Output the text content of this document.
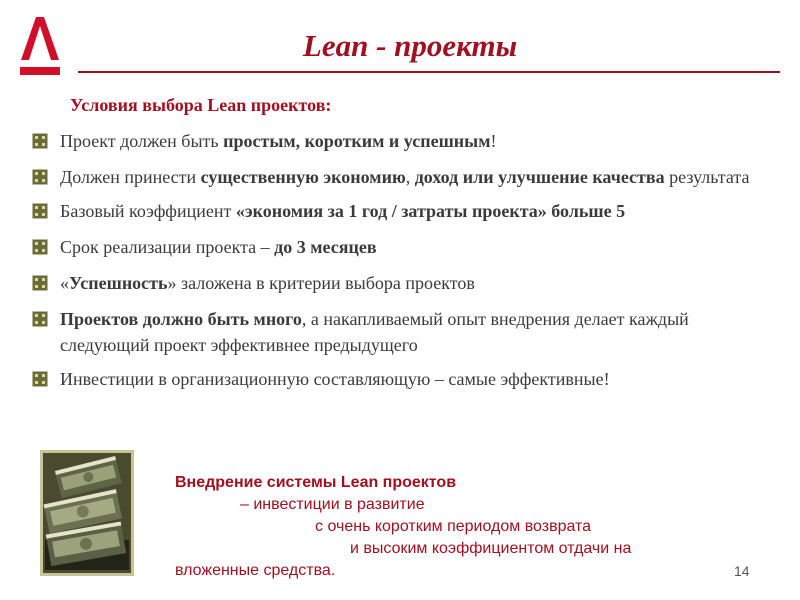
Lean - проекты
Условия выбора Lean проектов:
Проект должен быть простым, коротким и успешным!
Должен принести существенную экономию, доход или улучшение качества результата
Базовый коэффициент «экономия за 1 год / затраты проекта» больше 5
Срок реализации проекта – до 3 месяцев
«Успешность» заложена в критерии выбора проектов
Проектов должно быть много, а накапливаемый опыт внедрения делает каждый следующий проект эффективнее предыдущего
Инвестиции в организационную составляющую – самые эффективные!
Внедрение системы Lean проектов
– инвестиции в развитие
с очень коротким периодом возврата
и высоким коэффициентом отдачи на
вложенные средства.	14
